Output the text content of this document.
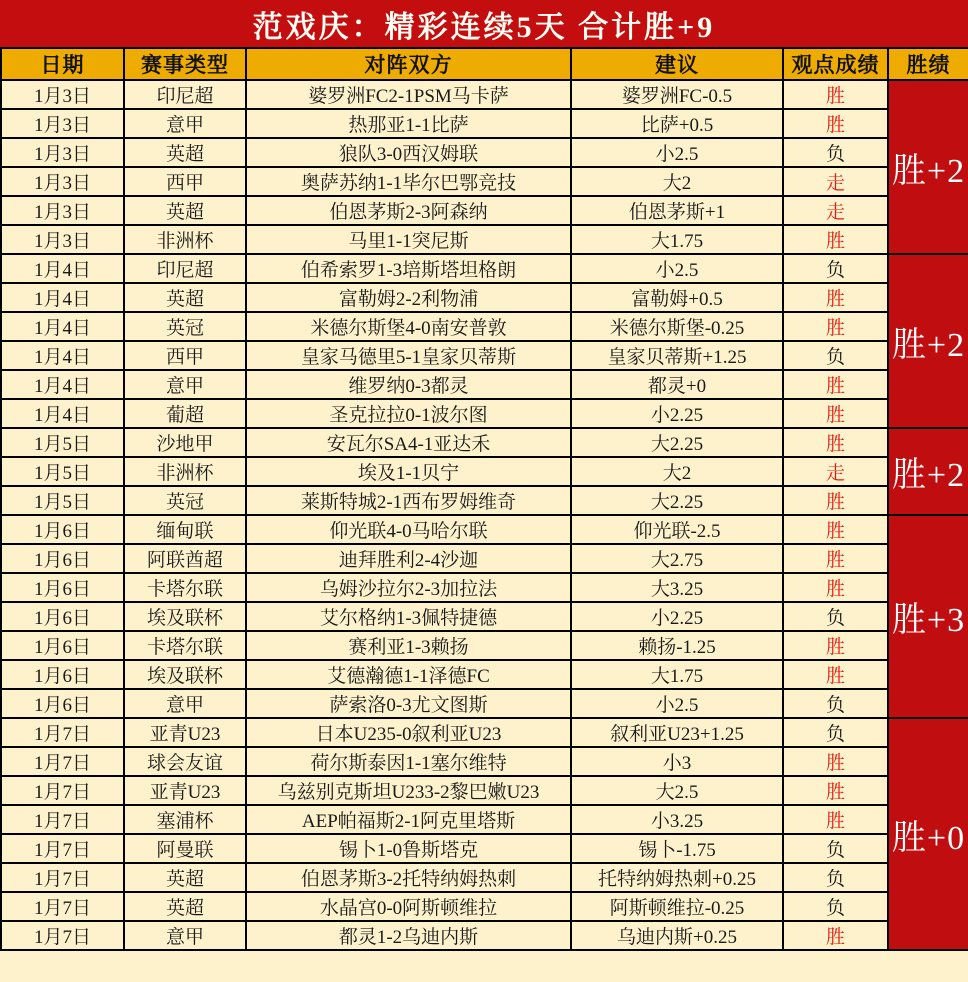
范戏庆：精彩连续5天 合计胜+9
日期	赛事类型	对阵双方	建议	观点成绩	胜绩
1月3日	印尼超	婆罗洲FC2-1PSM马卡萨	婆罗洲FC-0.5	胜	胜+2
1月3日	意甲	热那亚1-1比萨	比萨+0.5	胜	
1月3日	英超	狼队3-0西汉姆联	小2.5	负	
1月3日	西甲	奥萨苏纳1-1毕尔巴鄂竞技	大2	走	
1月3日	英超	伯恩茅斯2-3阿森纳	伯恩茅斯+1	走	
1月3日	非洲杯	马里1-1突尼斯	大1.75	胜	
1月4日	印尼超	伯希索罗1-3培斯塔坦格朗	小2.5	负	胜+2
1月4日	英超	富勒姆2-2利物浦	富勒姆+0.5	胜	
1月4日	英冠	米德尔斯堡4-0南安普敦	米德尔斯堡-0.25	胜	
1月4日	西甲	皇家马德里5-1皇家贝蒂斯	皇家贝蒂斯+1.25	负	
1月4日	意甲	维罗纳0-3都灵	都灵+0	胜	
1月4日	葡超	圣克拉拉0-1波尔图	小2.25	胜	
1月5日	沙地甲	安瓦尔SA4-1亚达禾	大2.25	胜	胜+2
1月5日	非洲杯	埃及1-1贝宁	大2	走	
1月5日	英冠	莱斯特城2-1西布罗姆维奇	大2.25	胜	
1月6日	缅甸联	仰光联4-0马哈尔联	仰光联-2.5	胜	胜+3
1月6日	阿联酋超	迪拜胜利2-4沙迦	大2.75	胜	
1月6日	卡塔尔联	乌姆沙拉尔2-3加拉法	大3.25	胜	
1月6日	埃及联杯	艾尔格纳1-3佩特捷德	小2.25	负	
1月6日	卡塔尔联	赛利亚1-3赖扬	赖扬-1.25	胜	
1月6日	埃及联杯	艾德瀚德1-1泽德FC	大1.75	胜	
1月6日	意甲	萨索洛0-3尤文图斯	小2.5	负	
1月7日	亚青U23	日本U235-0叙利亚U23	叙利亚U23+1.25	负	胜+0
1月7日	球会友谊	荷尔斯泰因1-1塞尔维特	小3	胜	
1月7日	亚青U23	乌兹别克斯坦U233-2黎巴嫩U23	大2.5	胜	
1月7日	塞浦杯	AEP帕福斯2-1阿克里塔斯	小3.25	胜	
1月7日	阿曼联	锡卜1-0鲁斯塔克	锡卜-1.75	负	
1月7日	英超	伯恩茅斯3-2托特纳姆热刺	托特纳姆热刺+0.25	负	
1月7日	英超	水晶宫0-0阿斯顿维拉	阿斯顿维拉-0.25	负	
1月7日	意甲	都灵1-2乌迪内斯	乌迪内斯+0.25	胜	
